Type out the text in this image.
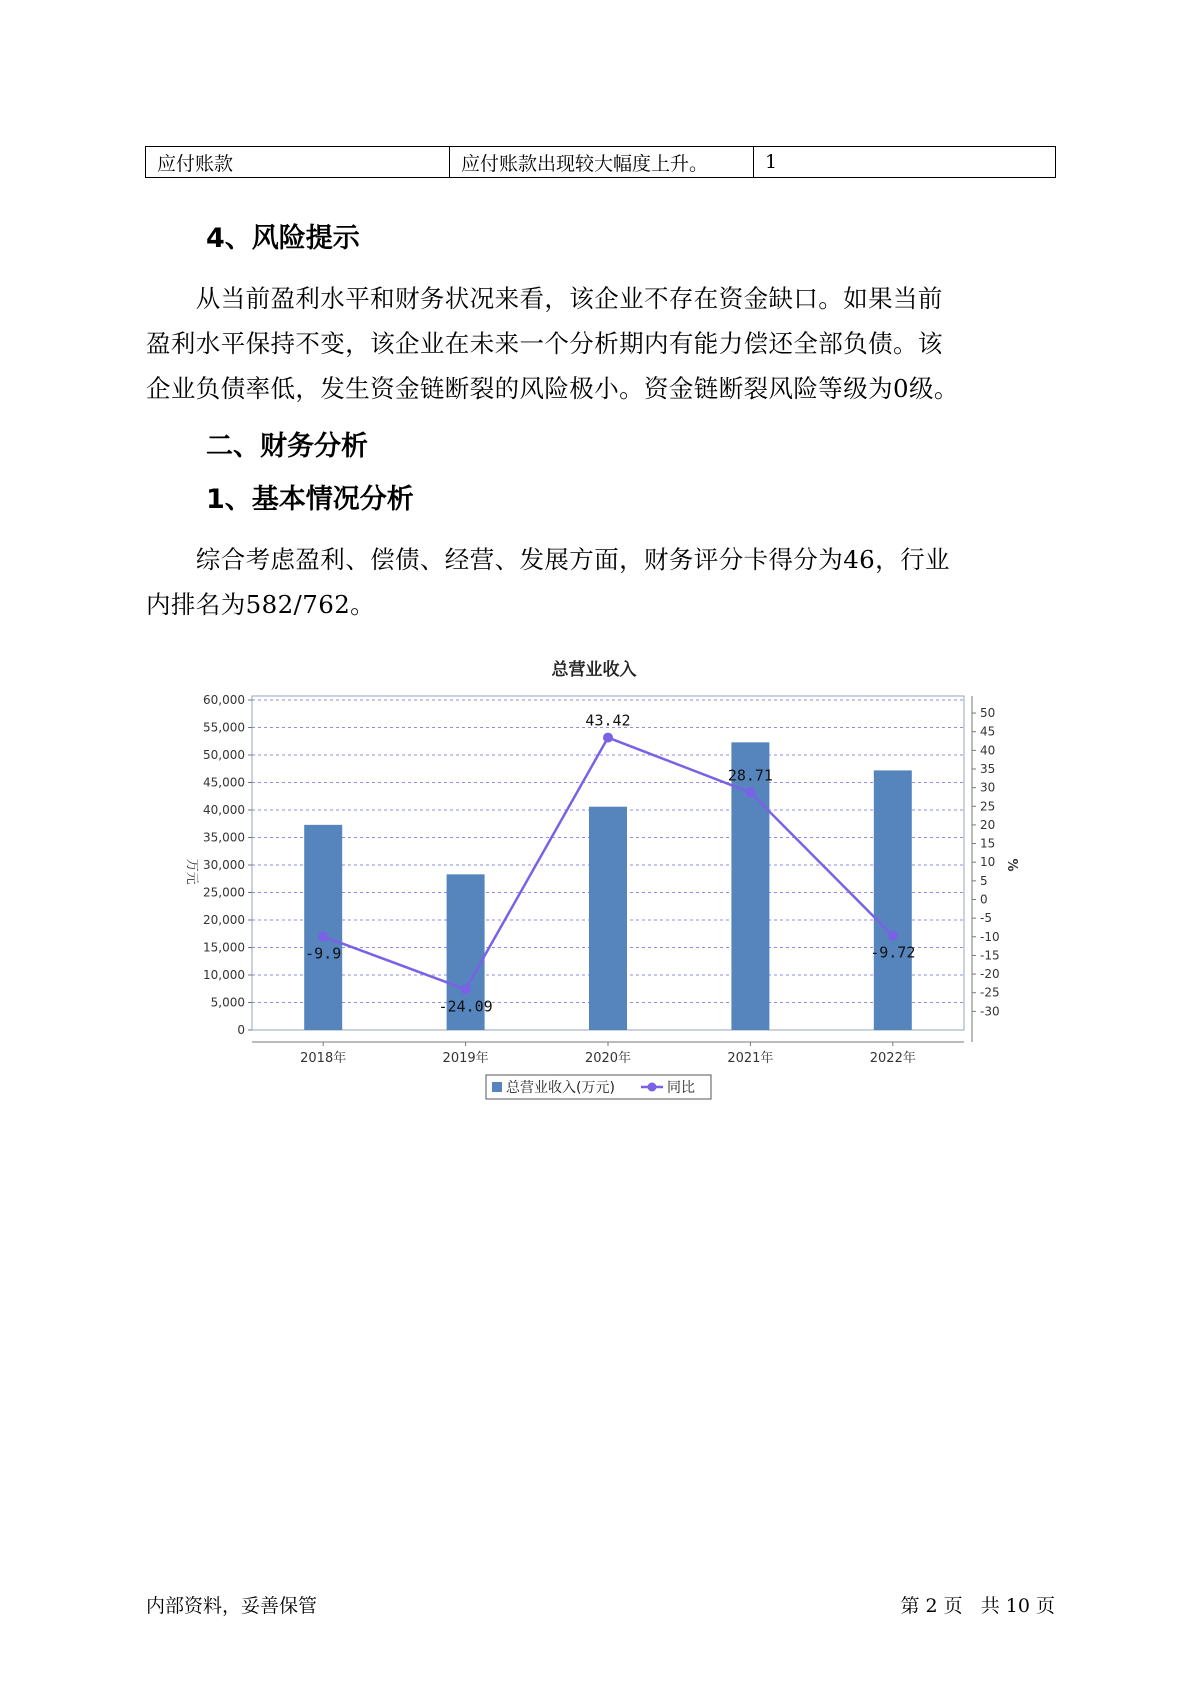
应付账款	应付账款出现较大幅度上升。	1
4、风险提示
　　从当前盈利水平和财务状况来看，该企业不存在资金缺口。如果当前
盈利水平保持不变，该企业在未来一个分析期内有能力偿还全部负债。该
企业负债率低，发生资金链断裂的风险极小。资金链断裂风险等级为0级。
二、财务分析
1、基本情况分析
　　综合考虑盈利、偿债、经营、发展方面，财务评分卡得分为46，行业
内排名为582/762。
总营业收入
0
5,000
10,000
15,000
20,000
25,000
30,000
35,000
40,000
45,000
50,000
55,000
60,000
-30
-25
-20
-15
-10
-5
0
5
10
15
20
25
30
35
40
45
50
万元	%
2018年	2019年	2020年	2021年	2022年
-9.9
-24.09
43.42
28.71
-9.72
总营业收入(万元)	同比
内部资料，妥善保管	第 2 页   共 10 页
